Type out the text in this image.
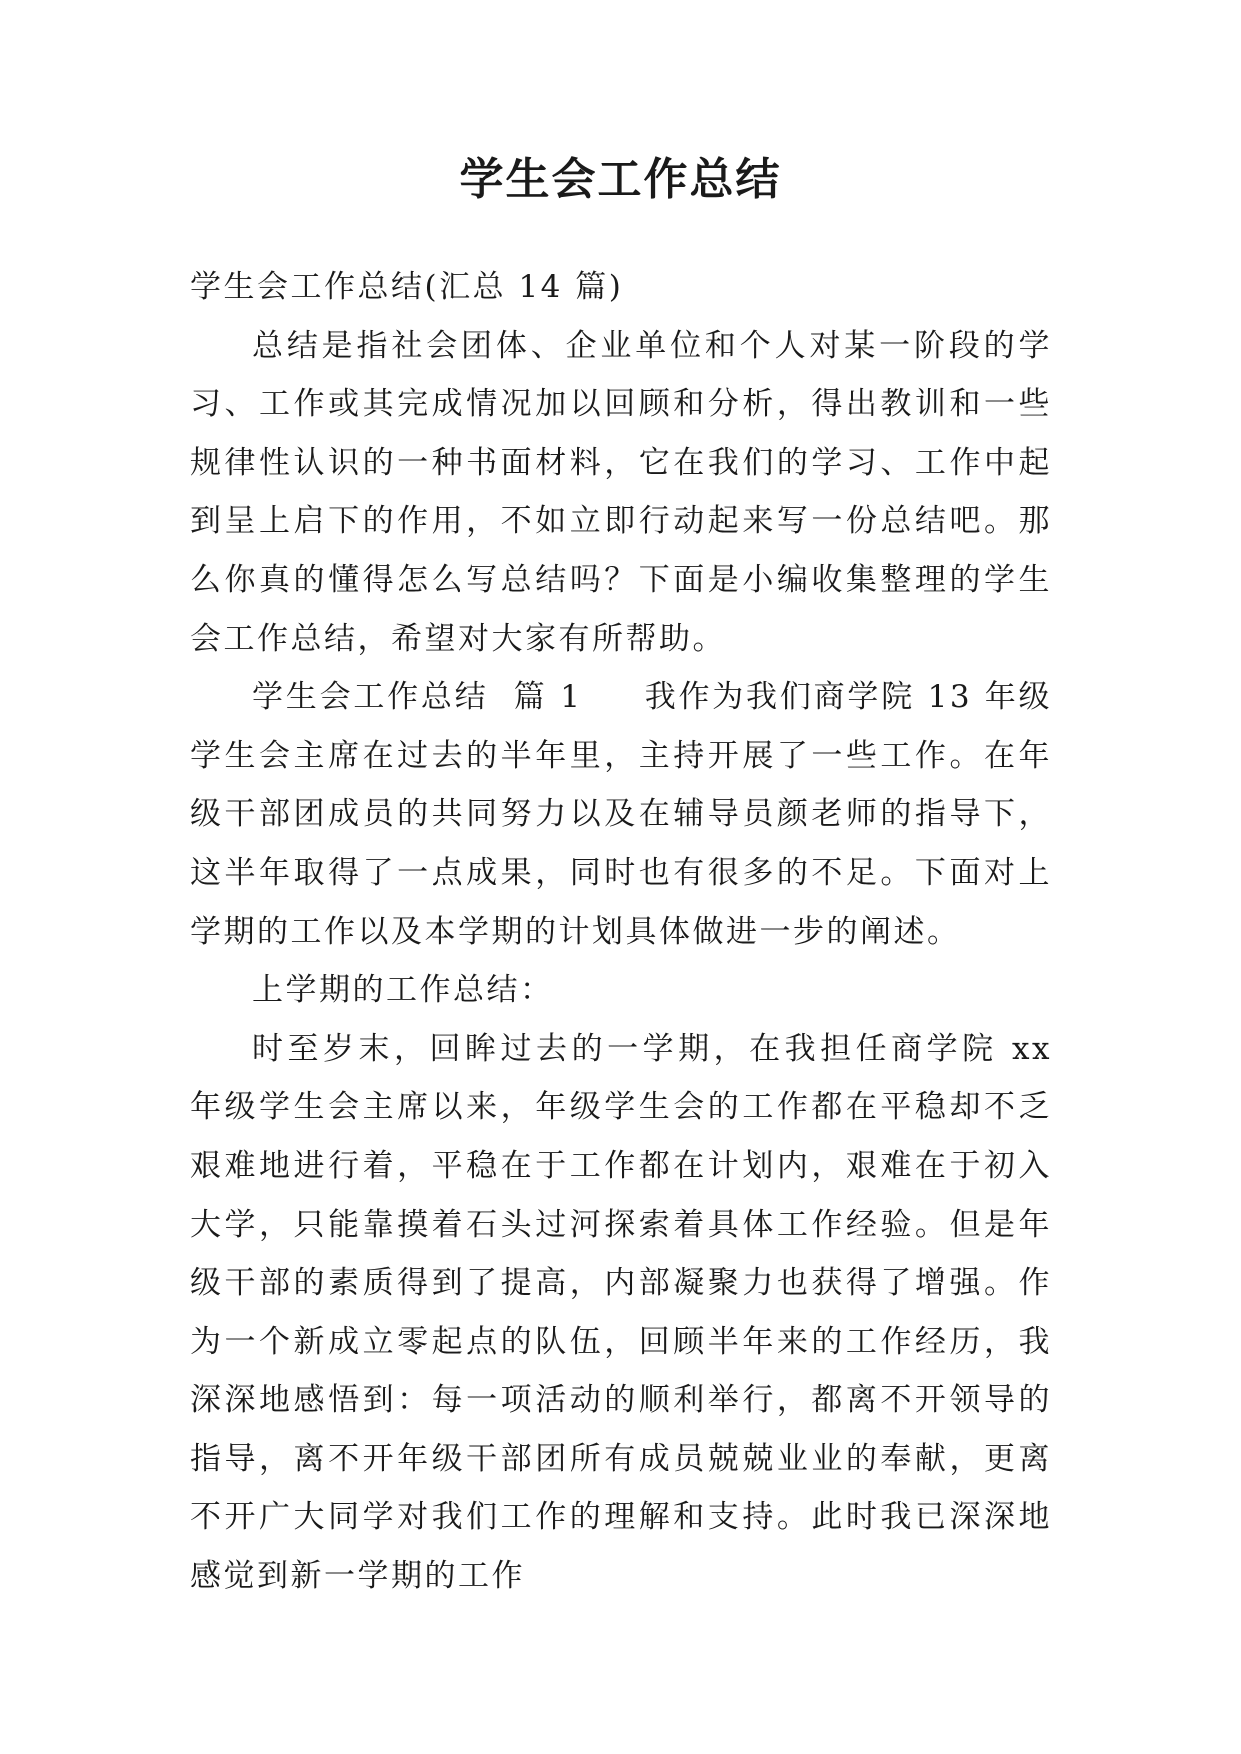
学生会工作总结

学生会工作总结(汇总 14 篇)

总结是指社会团体、企业单位和个人对某一阶段的学习、工作或其完成情况加以回顾和分析，得出教训和一些规律性认识的一种书面材料，它在我们的学习、工作中起到呈上启下的作用，不如立即行动起来写一份总结吧。那么你真的懂得怎么写总结吗？下面是小编收集整理的学生会工作总结，希望对大家有所帮助。

学生会工作总结  篇 1 我作为我们商学院 13 年级学生会主席在过去的半年里，主持开展了一些工作。在年级干部团成员的共同努力以及在辅导员颜老师的指导下，这半年取得了一点成果，同时也有很多的不足。下面对上学期的工作以及本学期的计划具体做进一步的阐述。

上学期的工作总结：

时至岁末，回眸过去的一学期，在我担任商学院 xx 年级学生会主席以来，年级学生会的工作都在平稳却不乏艰难地进行着，平稳在于工作都在计划内，艰难在于初入大学，只能靠摸着石头过河探索着具体工作经验。但是年级干部的素质得到了提高，内部凝聚力也获得了增强。作为一个新成立零起点的队伍，回顾半年来的工作经历，我深深地感悟到：每一项活动的顺利举行，都离不开领导的指导，离不开年级干部团所有成员兢兢业业的奉献，更离不开广大同学对我们工作的理解和支持。此时我已深深地感觉到新一学期的工作
